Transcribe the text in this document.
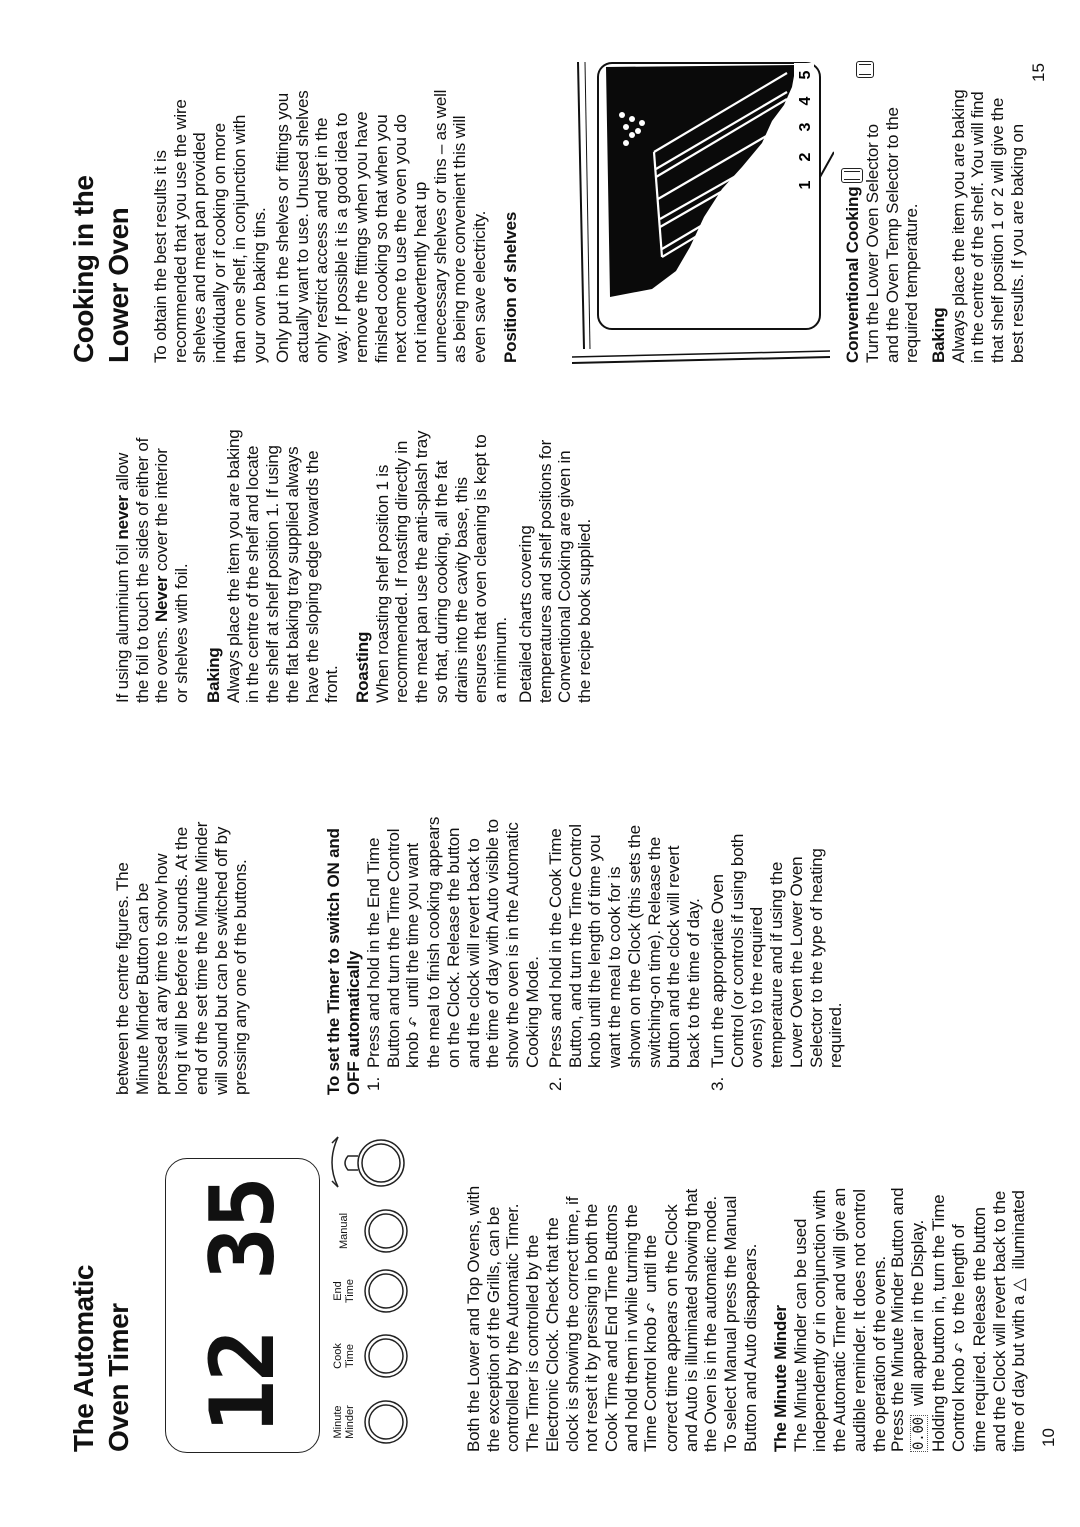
The Automatic
Oven Timer 12 35	Minute
Minder
Cook
Time
End
Time
Manual
Both the Lower and Top Ovens, with
the exception of the Grills, can be
controlled by the Automatic Timer.
The Timer is controlled by the
Electronic Clock. Check that the
clock is showing the correct time, if
not reset it by pressing in both the
Cook Time and End Time Buttons
and hold them in while turning the
Time Control knob ↶  until the
correct time appears on the Clock
and Auto is illuminated showing that
the Oven is in the automatic mode.
To select Manual press the Manual
Button and Auto disappears.
The Minute Minder The Minute Minder can be used
independently or in conjunction with
the Automatic Timer and will give an
audible reminder. It does not control
the operation of the ovens.
Press the Minute Minder Button and
0.00  will appear in the Display.
Holding the button in, turn the Time
Control knob ↶  to the length of
time required. Release the button
and the Clock will revert back to the
time of day but with a △  illuminated
10
between the centre figures. The
Minute Minder Button can be
pressed at any time to show how
long it will be before it sounds. At the
end of the set time the Minute Minder
will sound but can be switched off by
pressing any one of the buttons.
To set the Timer to switch ON and
OFF automatically
1.
Press and hold in the End Time
Button and turn the Time Control
knob ↶  until the time you want
the meal to finish cooking appears
on the Clock. Release the button
and the clock will revert back to
the time of day with Auto visible to
show the oven is in the Automatic
Cooking Mode.
2.
Press and hold in the Cook Time
Button, and turn the Time Control
knob until the length of time you
want the meal to cook for is
shown on the Clock (this sets the
switching-on time). Release the
button and the clock will revert
back to the time of day.
3.
Turn the appropriate Oven
Control (or controls if using both
ovens) to the required
temperature and if using the
Lower Oven the Lower Oven
Selector to the type of heating
required.
If using aluminium foil never allow
the foil to touch the sides of either of
the ovens. Never cover the interior
or shelves with foil.
Baking Always place the item you are baking
in the centre of the shelf and locate
the shelf at shelf position 1. If using
the flat baking tray supplied always
have the sloping edge towards the
front. Roasting When roasting shelf position 1 is
recommended. If roasting directly in
the meat pan use the anti-splash tray
so that, during cooking, all the fat
drains into the cavity base, this
ensures that oven cleaning is kept to
a minimum. Detailed charts covering
temperatures and shelf positions for
Conventional Cooking are given in
the recipe book supplied.
Cooking in the
Lower Oven
To obtain the best results it is
recommended that you use the wire
shelves and meat pan provided
individually or if cooking on more
than one shelf, in conjunction with
your own baking tins.
Only put in the shelves or fittings you
actually want to use. Unused shelves
only restrict access and get in the
way. If possible it is a good idea to
remove the fittings when you have
finished cooking so that when you
next come to use the oven you do
not inadvertently heat up
unnecessary shelves or tins – as well
as being more convenient this will
even save electricity. Position of shelves
1
2
3
4
5
Conventional Cooking Turn the Lower Oven Selector to
and the Oven Temp Selector to the
required temperature.
Baking Always place the item you are baking
in the centre of the shelf. You will find
that shelf position 1 or 2 will give the
best results. If you are baking on
15
